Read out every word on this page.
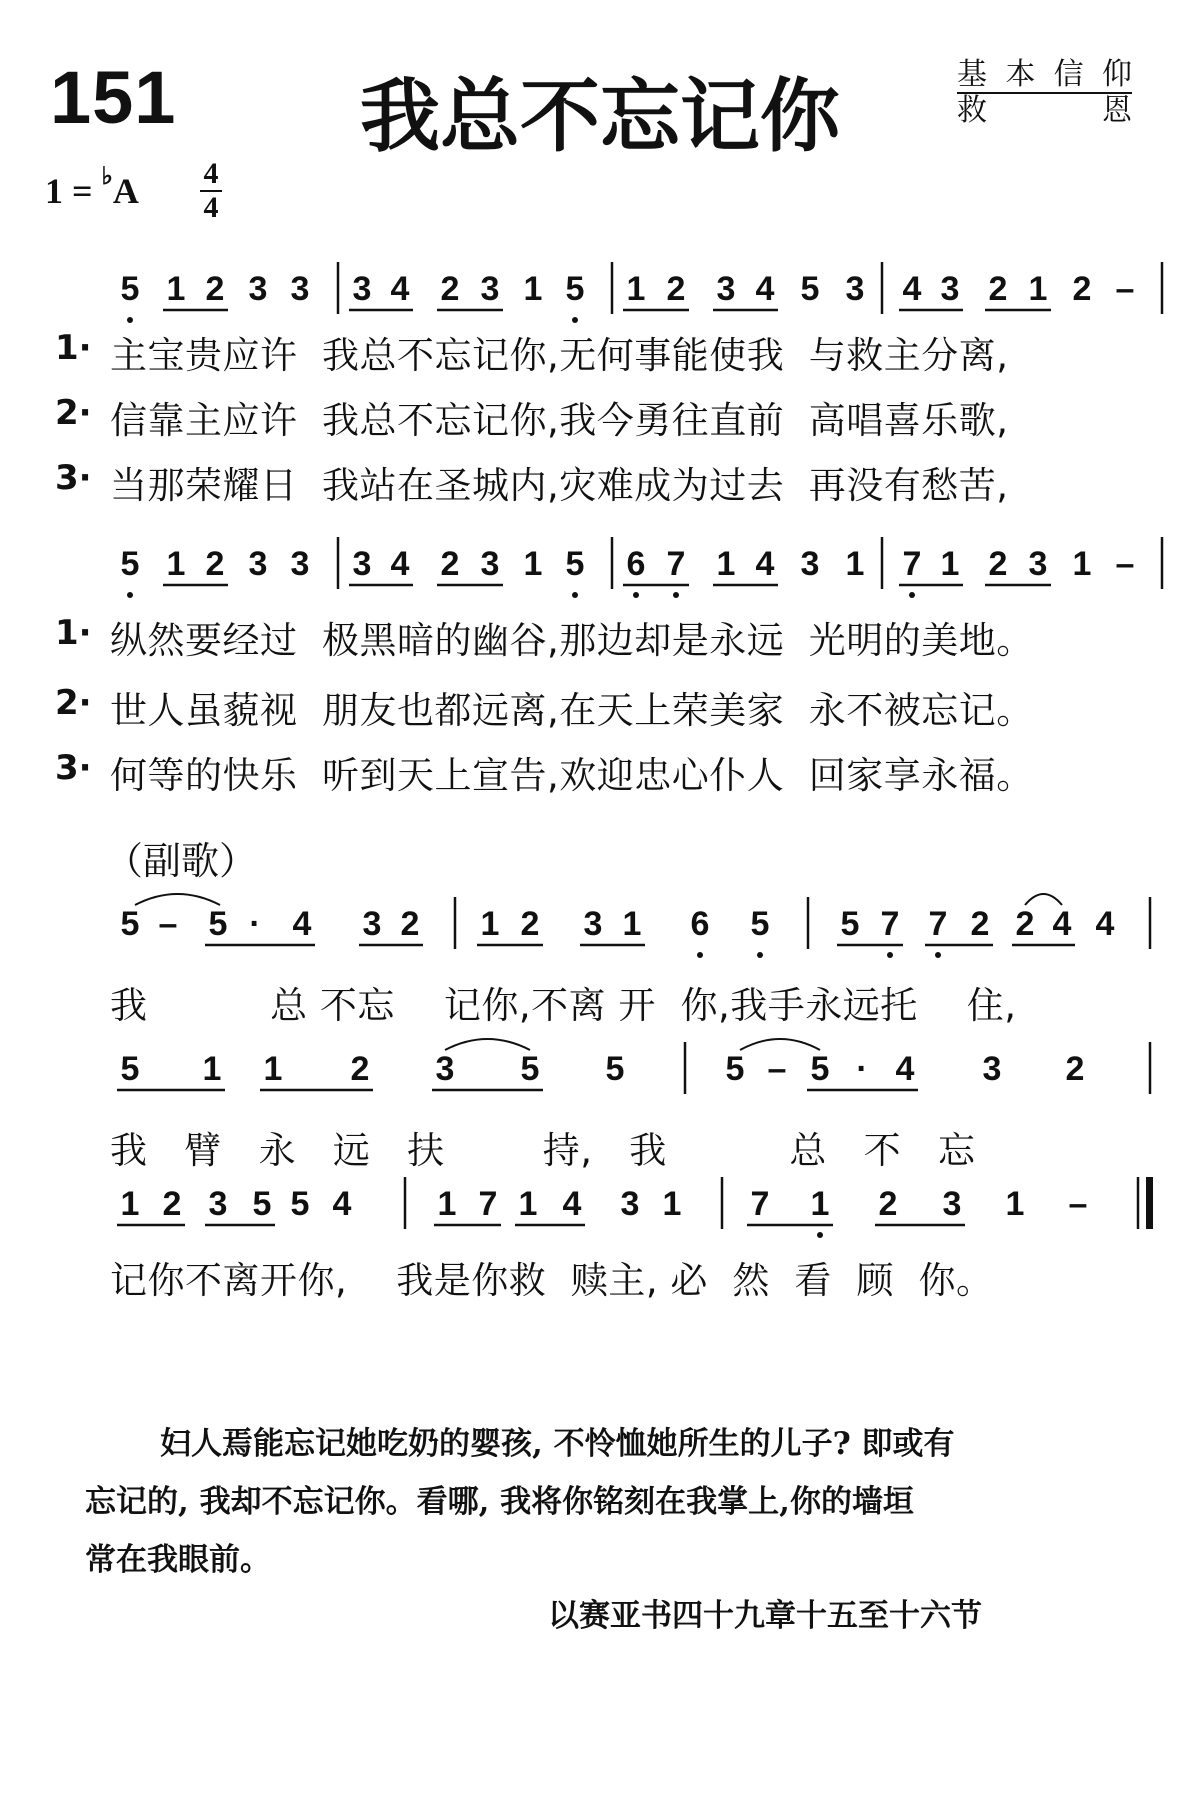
151	我总不忘记你	基本信仰
救恩
1 = ♭A 4
4
5 1 2 3 3 3 4 2 3 1 5 1 2 3 4 5 3 4 3 2 1 2 –
5 1 2 3 3 3 4 2 3 1 5 6 7 1 4 3 1 7 1 2 3 1 –
5 – 5 · 4 3 2 1 2 3 1 6 5 5 7 7 2 2 4 4
5 1 1 2 3 5 5	5 – 5 · 4 3 2
1 2 3 5 5 4	1 7 1 4 3 1 7 1 2 3 1 –
1· 主宝贵应许  我总不忘记你,无何事能使我  与救主分离,
2· 信靠主应许  我总不忘记你,我今勇往直前  高唱喜乐歌,
3· 当那荣耀日  我站在圣城内,灾难成为过去  再没有愁苦,
1· 纵然要经过  极黑暗的幽谷,那边却是永远  光明的美地。
2· 世人虽藐视  朋友也都远离,在天上荣美家  永不被忘记。
3· 何等的快乐  听到天上宣告,欢迎忠心仆人  回家享永福。
（副歌）
我          总 不忘    记你,不离 开  你,我手永远托    住,
我   臂   永   远   扶        持,   我          总   不   忘
记你不离开你,    我是你救  赎主, 必  然  看  顾  你。
妇人焉能忘记她吃奶的婴孩, 不怜恤她所生的儿子? 即或有
忘记的, 我却不忘记你。看哪, 我将你铭刻在我掌上,你的墙垣
常在我眼前。
以赛亚书四十九章十五至十六节
